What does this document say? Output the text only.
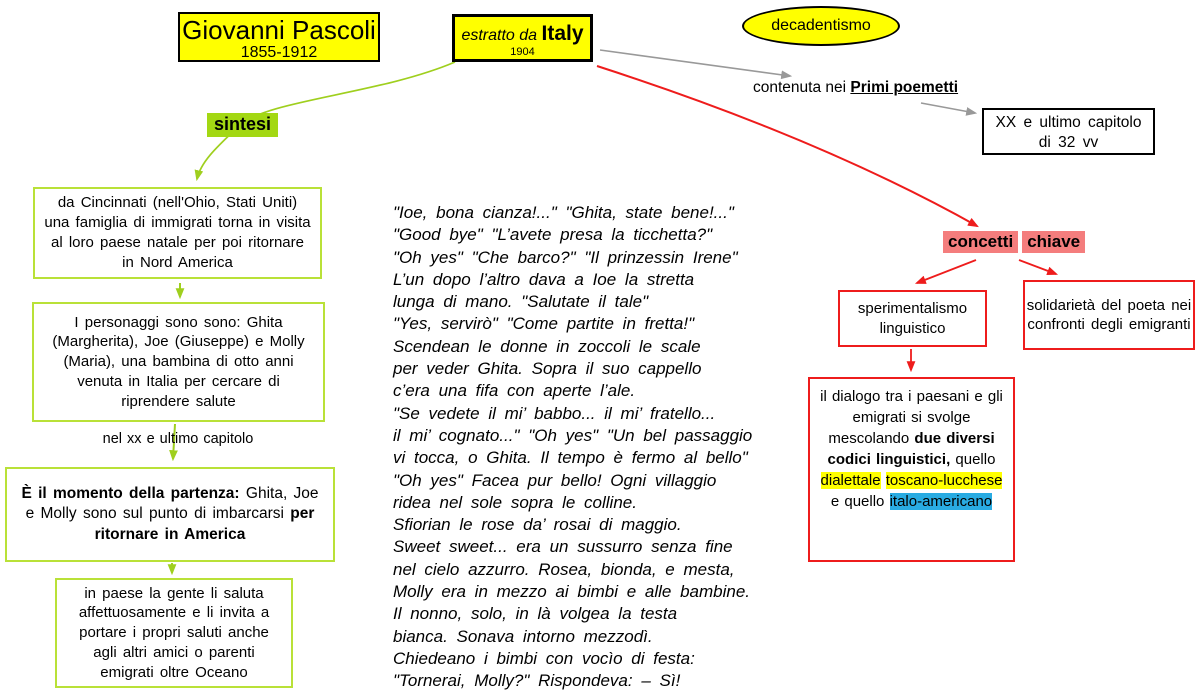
Giovanni Pascoli
1855-1912
estratto da Italy
1904
decadentismo
contenuta nei Primi poemetti
XX e ultimo capitolo
di 32 vv
sintesi
da Cincinnati (nell'Ohio, Stati Uniti) una famiglia di immigrati torna in visita al loro paese natale per poi ritornare in Nord America
I personaggi sono sono: Ghita (Margherita), Joe (Giuseppe) e Molly (Maria), una bambina di otto anni venuta in Italia per cercare di riprendere salute
nel xx e ultimo capitolo
È il momento della partenza: Ghita, Joe e Molly sono sul punto di imbarcarsi per ritornare in America
in paese la gente li saluta affettuosamente e li invita a portare i propri saluti anche agli altri amici o parenti emigrati oltre Oceano
"Ioe, bona cianza!..." "Ghita, state bene!..."
"Good bye" "L’avete presa la ticchetta?"
"Oh yes" "Che barco?" "Il prinzessin Irene"
L’un dopo l’altro dava a Ioe la stretta
lunga di mano. "Salutate il tale"
"Yes, servirò" "Come partite in fretta!"
Scendean le donne in zoccoli le scale
per veder Ghita. Sopra il suo cappello
c’era una fifa con aperte l’ale.
"Se vedete il mi’ babbo... il mi’ fratello...
il mi’ cognato..." "Oh yes" "Un bel passaggio
vi tocca, o Ghita. Il tempo è fermo al bello"
"Oh yes" Facea pur bello! Ogni villaggio
ridea nel sole sopra le colline.
Sfiorian le rose da’ rosai di maggio.
Sweet sweet... era un sussurro senza fine
nel cielo azzurro. Rosea, bionda, e mesta,
Molly era in mezzo ai bimbi e alle bambine.
Il nonno, solo, in là volgea la testa
bianca. Sonava intorno mezzodì.
Chiedeano i bimbi con vocìo di festa:
"Tornerai, Molly?" Rispondeva: – Sì!
concetti chiave
sperimentalismo linguistico
solidarietà del poeta nei confronti degli emigranti
il dialogo tra i paesani e gli emigrati si svolge mescolando due diversi codici linguistici, quello dialettale toscano-lucchese e quello italo-americano
